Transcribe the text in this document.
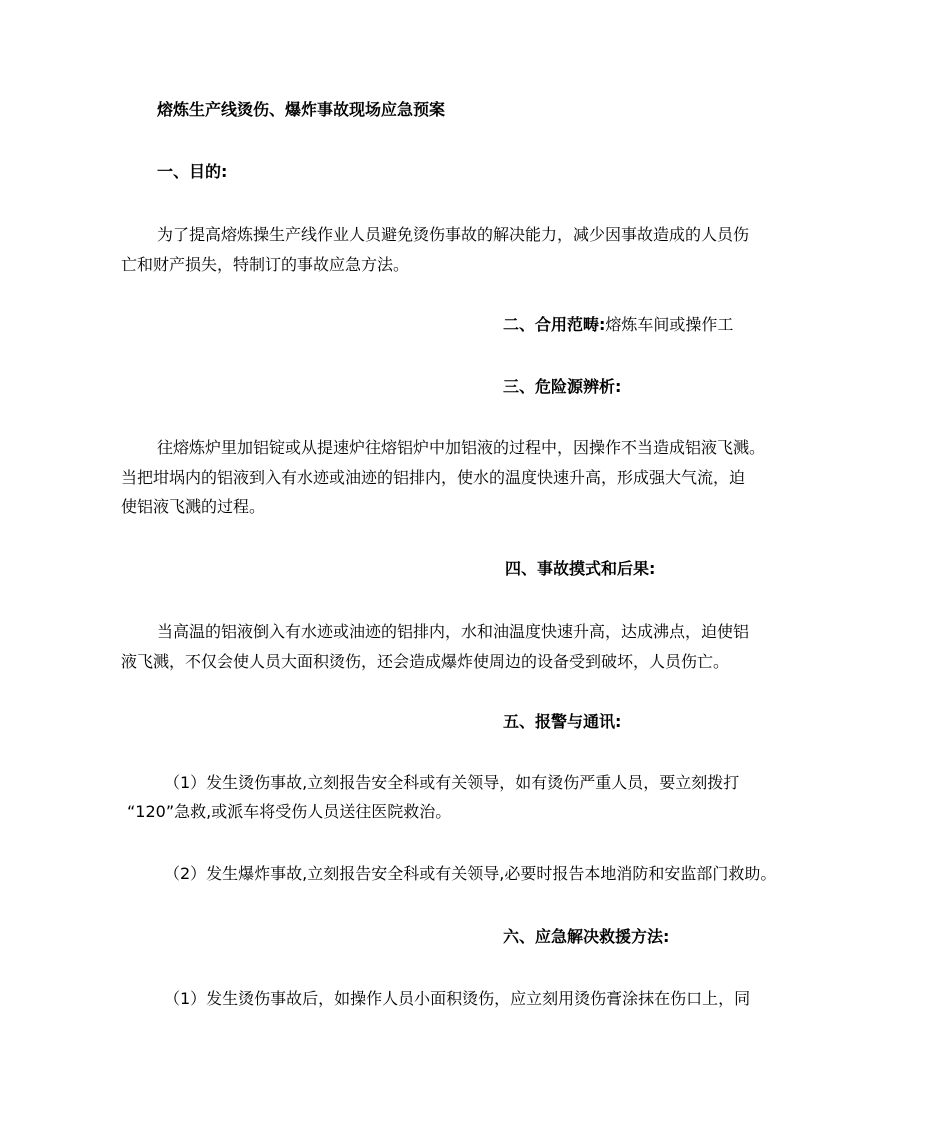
熔炼生产线烫伤、爆炸事故现场应急预案
一、目的:
为了提高熔炼操生产线作业人员避免烫伤事故的解决能力，减少因事故造成的人员伤
亡和财产损失，特制订的事故应急方法。
二、合用范畴:熔炼车间或操作工
三、危险源辨析:
往熔炼炉里加铝锭或从提速炉往熔铝炉中加铝液的过程中，因操作不当造成铝液飞溅。
当把坩埚内的铝液到入有水迹或油迹的铝排内，使水的温度快速升高，形成强大气流，迫
使铝液飞溅的过程。
四、事故摸式和后果:
当高温的铝液倒入有水迹或油迹的铝排内，水和油温度快速升高，达成沸点，迫使铝
液飞溅，不仅会使人员大面积烫伤，还会造成爆炸使周边的设备受到破坏，人员伤亡。
五、报警与通讯:
（1）发生烫伤事故,立刻报告安全科或有关领导，如有烫伤严重人员，要立刻拨打
“120”急救,或派车将受伤人员送往医院救治。
（2）发生爆炸事故,立刻报告安全科或有关领导,必要时报告本地消防和安监部门救助。
六、应急解决救援方法:
（1）发生烫伤事故后，如操作人员小面积烫伤，应立刻用烫伤膏涂抹在伤口上，同
